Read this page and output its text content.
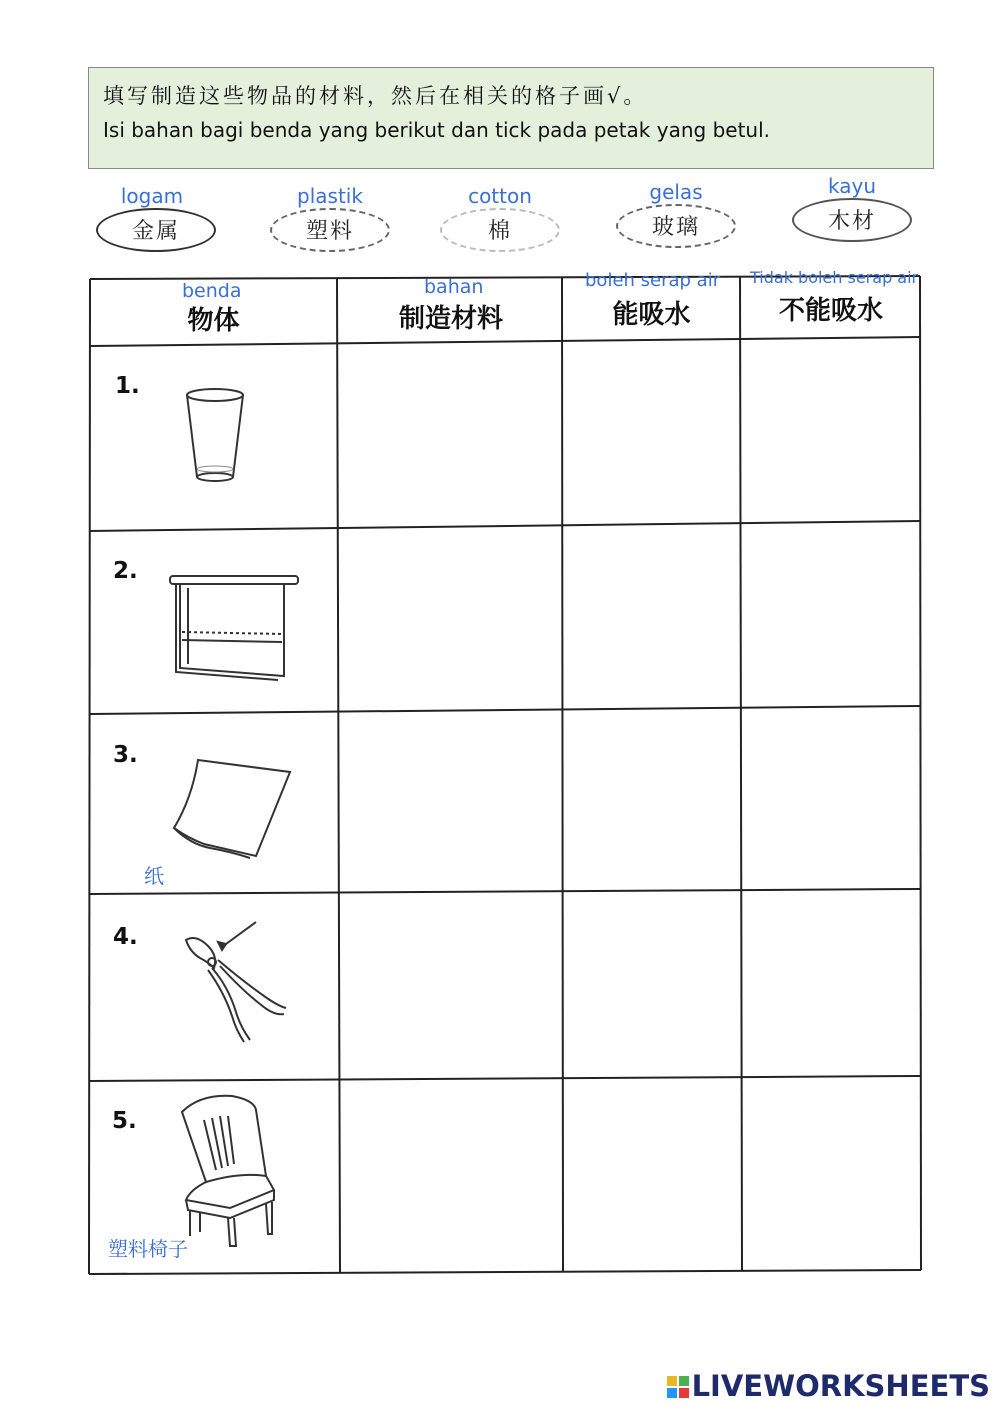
填写制造这些物品的材料，然后在相关的格子画√。
Isi bahan bagi benda yang berikut dan tick pada petak yang betul.
金属
logam
塑料
plastik
棉
cotton
玻璃
gelas
木材
kayu
物体
benda
制造材料
bahan
能吸水
boleh serap air
不能吸水
Tidak boleh serap air
1.
2.
3.
4.
5.
纸
塑料椅子
LIVEWORKSHEETS
